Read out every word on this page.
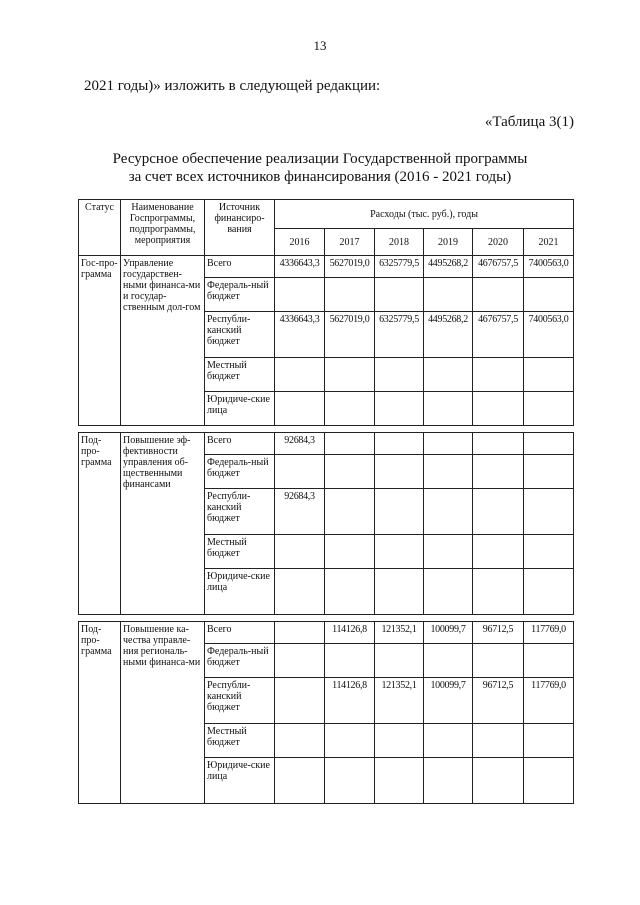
13
2021 годы)» изложить в следующей редакции:
«Таблица 3(1)
Ресурсное обеспечение реализации Государственной программы
за счет всех источников финансирования (2016 - 2021 годы)
Статус	Наименование Госпрограммы, подпрограммы, мероприятия	Источник финансиро-вания	Расходы (тыс. руб.), годы					
			2016	2017	2018	2019	2020	2021
Гос-про-грамма	Управление государствен-ными финанса-ми и государ-ственным дол-гом	Всего	4336643,3	5627019,0	6325779,5	4495268,2	4676757,5	7400563,0
		Федераль-ный бюджет						
		Республи-канский бюджет	4336643,3	5627019,0	6325779,5	4495268,2	4676757,5	7400563,0
		Местный бюджет						
		Юридиче-ские лица						

Под-про-грамма	Повышение эф-фективности управления об-щественными финансами	Всего	92684,3					
		Федераль-ный бюджет						
		Республи-канский бюджет	92684,3					
		Местный бюджет						
		Юридиче-ские лица						

Под-про-грамма	Повышение ка-чества управле-ния региональ-ными финанса-ми	Всего		114126,8	121352,1	100099,7	96712,5	117769,0
		Федераль-ный бюджет						
		Республи-канский бюджет		114126,8	121352,1	100099,7	96712,5	117769,0
		Местный бюджет						
		Юридиче-ские лица						
